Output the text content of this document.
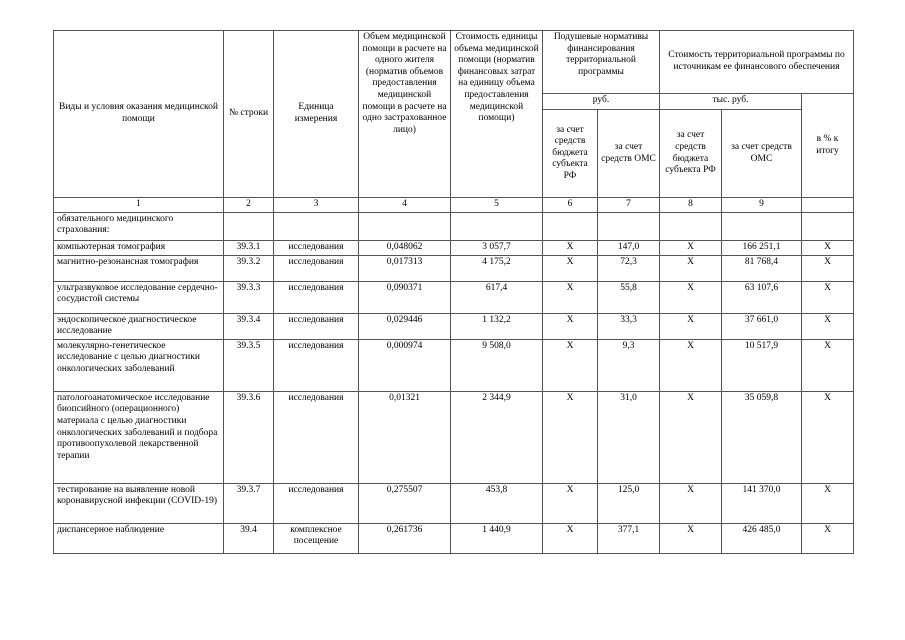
Виды и условия оказания медицинской помощи	№ строки	Единица измерения	Объем медицинской помощи в расчете на одного жителя (норматив объемов предоставления медицинской помощи в расчете на одно застрахованное лицо)	Стоимость единицы объема медицинской помощи (норматив финансовых затрат на единицу объема предоставления медицинской помощи)	Подушевые нормативы финансирования территориальной программы		Стоимость территориальной программы по источникам ее финансового обеспечения		
					руб.		тыс. руб.		в % к итогу
					за счет средств бюджета субъекта РФ	за счет средств ОМС	за счет средств бюджета субъекта РФ	за счет средств ОМС	
1	2	3	4	5	6	7	8	9	
обязательного медицинского страхования:									
компьютерная томография	39.3.1	исследования	0,048062	3 057,7	Х	147,0	Х	166 251,1	Х
магнитно-резонансная томография	39.3.2	исследования	0,017313	4 175,2	Х	72,3	Х	81 768,4	Х
ультразвуковое исследование сердечно-сосудистой системы	39.3.3	исследования	0,090371	617,4	Х	55,8	Х	63 107,6	Х
эндоскопическое диагностическое исследование	39.3.4	исследования	0,029446	1 132,2	Х	33,3	Х	37 661,0	Х
молекулярно-генетическое исследование с целью диагностики онкологических заболеваний	39.3.5	исследования	0,000974	9 508,0	Х	9,3	Х	10 517,9	Х
патологоанатомическое исследование биопсийного (операционного) материала с целью диагностики онкологических заболеваний и подбора противоопухолевой лекарственной терапии	39.3.6	исследования	0,01321	2 344,9	Х	31,0	Х	35 059,8	Х
тестирование на выявление новой коронавирусной инфекции (COVID-19)	39.3.7	исследования	0,275507	453,8	Х	125,0	Х	141 370,0	Х
диспансерное наблюдение	39.4	комплексное посещение	0,261736	1 440,9	Х	377,1	Х	426 485,0	Х
